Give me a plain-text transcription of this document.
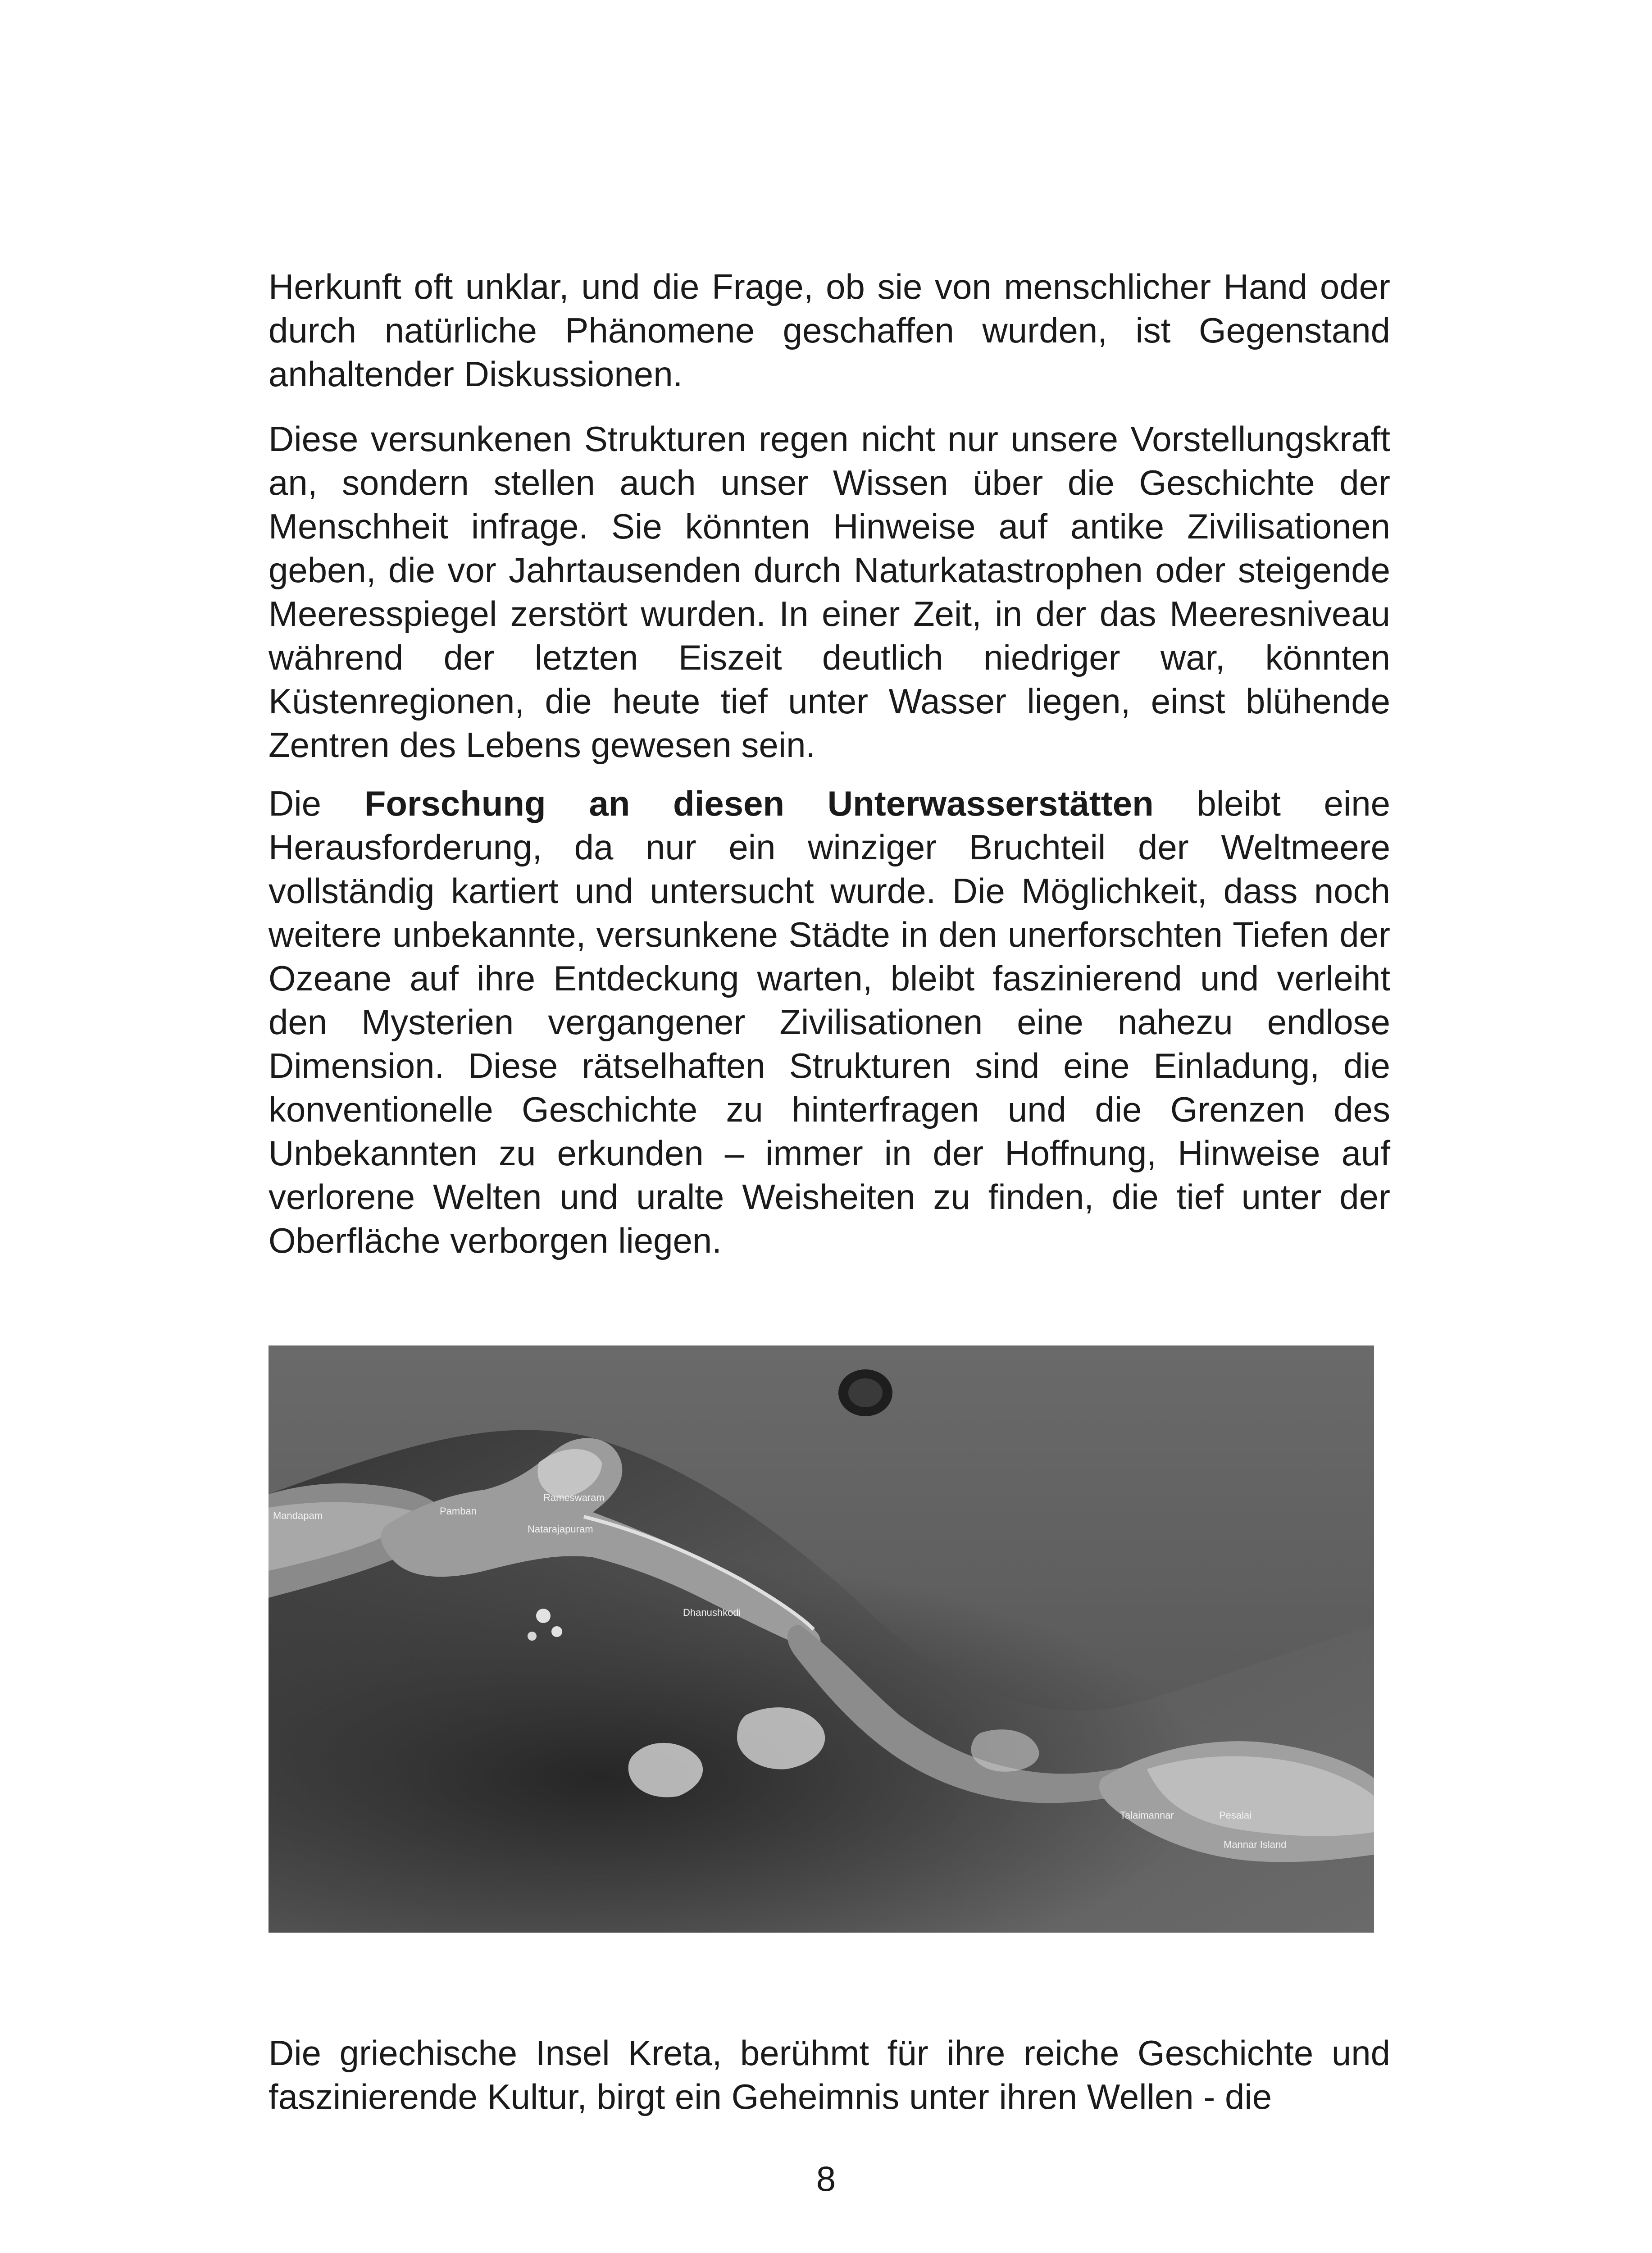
Herkunft oft unklar, und die Frage, ob sie von menschlicher Hand oder durch natürliche Phänomene geschaffen wurden, ist Gegenstand anhaltender Diskussionen.

Diese versunkenen Strukturen regen nicht nur unsere Vorstellungskraft an, sondern stellen auch unser Wissen über die Geschichte der Menschheit infrage. Sie könnten Hinweise auf antike Zivilisationen geben, die vor Jahrtausenden durch Naturkatastrophen oder steigende Meeresspiegel zerstört wurden. In einer Zeit, in der das Meeresniveau während der letzten Eiszeit deutlich niedriger war, könnten Küstenregionen, die heute tief unter Wasser liegen, einst blühende Zentren des Lebens gewesen sein.

Die Forschung an diesen Unterwasserstätten bleibt eine Herausforderung, da nur ein winziger Bruchteil der Weltmeere vollständig kartiert und untersucht wurde. Die Möglichkeit, dass noch weitere unbekannte, versunkene Städte in den unerforschten Tiefen der Ozeane auf ihre Entdeckung warten, bleibt faszinierend und verleiht den Mysterien vergangener Zivilisationen eine nahezu endlose Dimension. Diese rätselhaften Strukturen sind eine Einladung, die konventionelle Geschichte zu hinterfragen und die Grenzen des Unbekannten zu erkunden – immer in der Hoffnung, Hinweise auf verlorene Welten und uralte Weisheiten zu finden, die tief unter der Oberfläche verborgen liegen.

Mandapam	Pamban
Rameswaram
Natarajapuram
Dhanushkodi
Talaimannar	Pesalai
Mannar Island

Die griechische Insel Kreta, berühmt für ihre reiche Geschichte und faszinierende Kultur, birgt ein Geheimnis unter ihren Wellen - die

8
